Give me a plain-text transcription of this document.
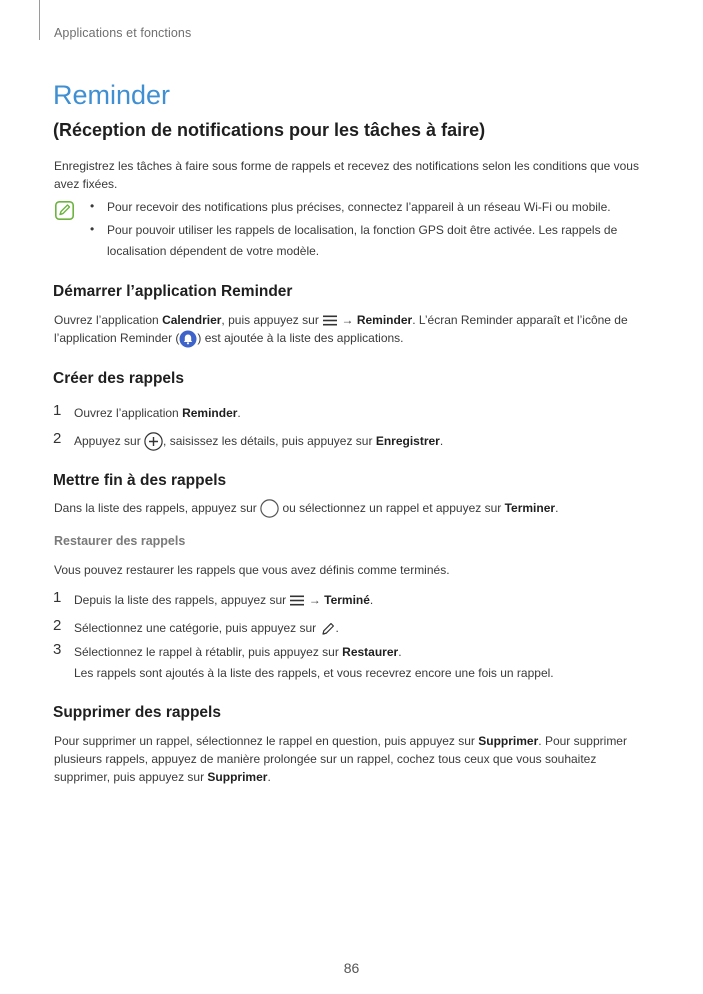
Applications et fonctions
Reminder
(Réception de notifications pour les tâches à faire)
Enregistrez les tâches à faire sous forme de rappels et recevez des notifications selon les conditions que vous avez fixées.
• Pour recevoir des notifications plus précises, connectez l’appareil à un réseau Wi-Fi ou mobile.
• Pour pouvoir utiliser les rappels de localisation, la fonction GPS doit être activée. Les rappels de localisation dépendent de votre modèle.
Démarrer l’application Reminder
Ouvrez l’application Calendrier, puis appuyez sur  → Reminder. L’écran Reminder apparaît et l’icône de l’application Reminder ( ) est ajoutée à la liste des applications.
Créer des rappels
1 Ouvrez l’application Reminder.
2 Appuyez sur , saisissez les détails, puis appuyez sur Enregistrer.
Mettre fin à des rappels
Dans la liste des rappels, appuyez sur  ou sélectionnez un rappel et appuyez sur Terminer.
Restaurer des rappels
Vous pouvez restaurer les rappels que vous avez définis comme terminés.
1 Depuis la liste des rappels, appuyez sur  → Terminé.
2 Sélectionnez une catégorie, puis appuyez sur .
3 Sélectionnez le rappel à rétablir, puis appuyez sur Restaurer.
Les rappels sont ajoutés à la liste des rappels, et vous recevrez encore une fois un rappel.
Supprimer des rappels
Pour supprimer un rappel, sélectionnez le rappel en question, puis appuyez sur Supprimer. Pour supprimer plusieurs rappels, appuyez de manière prolongée sur un rappel, cochez tous ceux que vous souhaitez supprimer, puis appuyez sur Supprimer.
86
